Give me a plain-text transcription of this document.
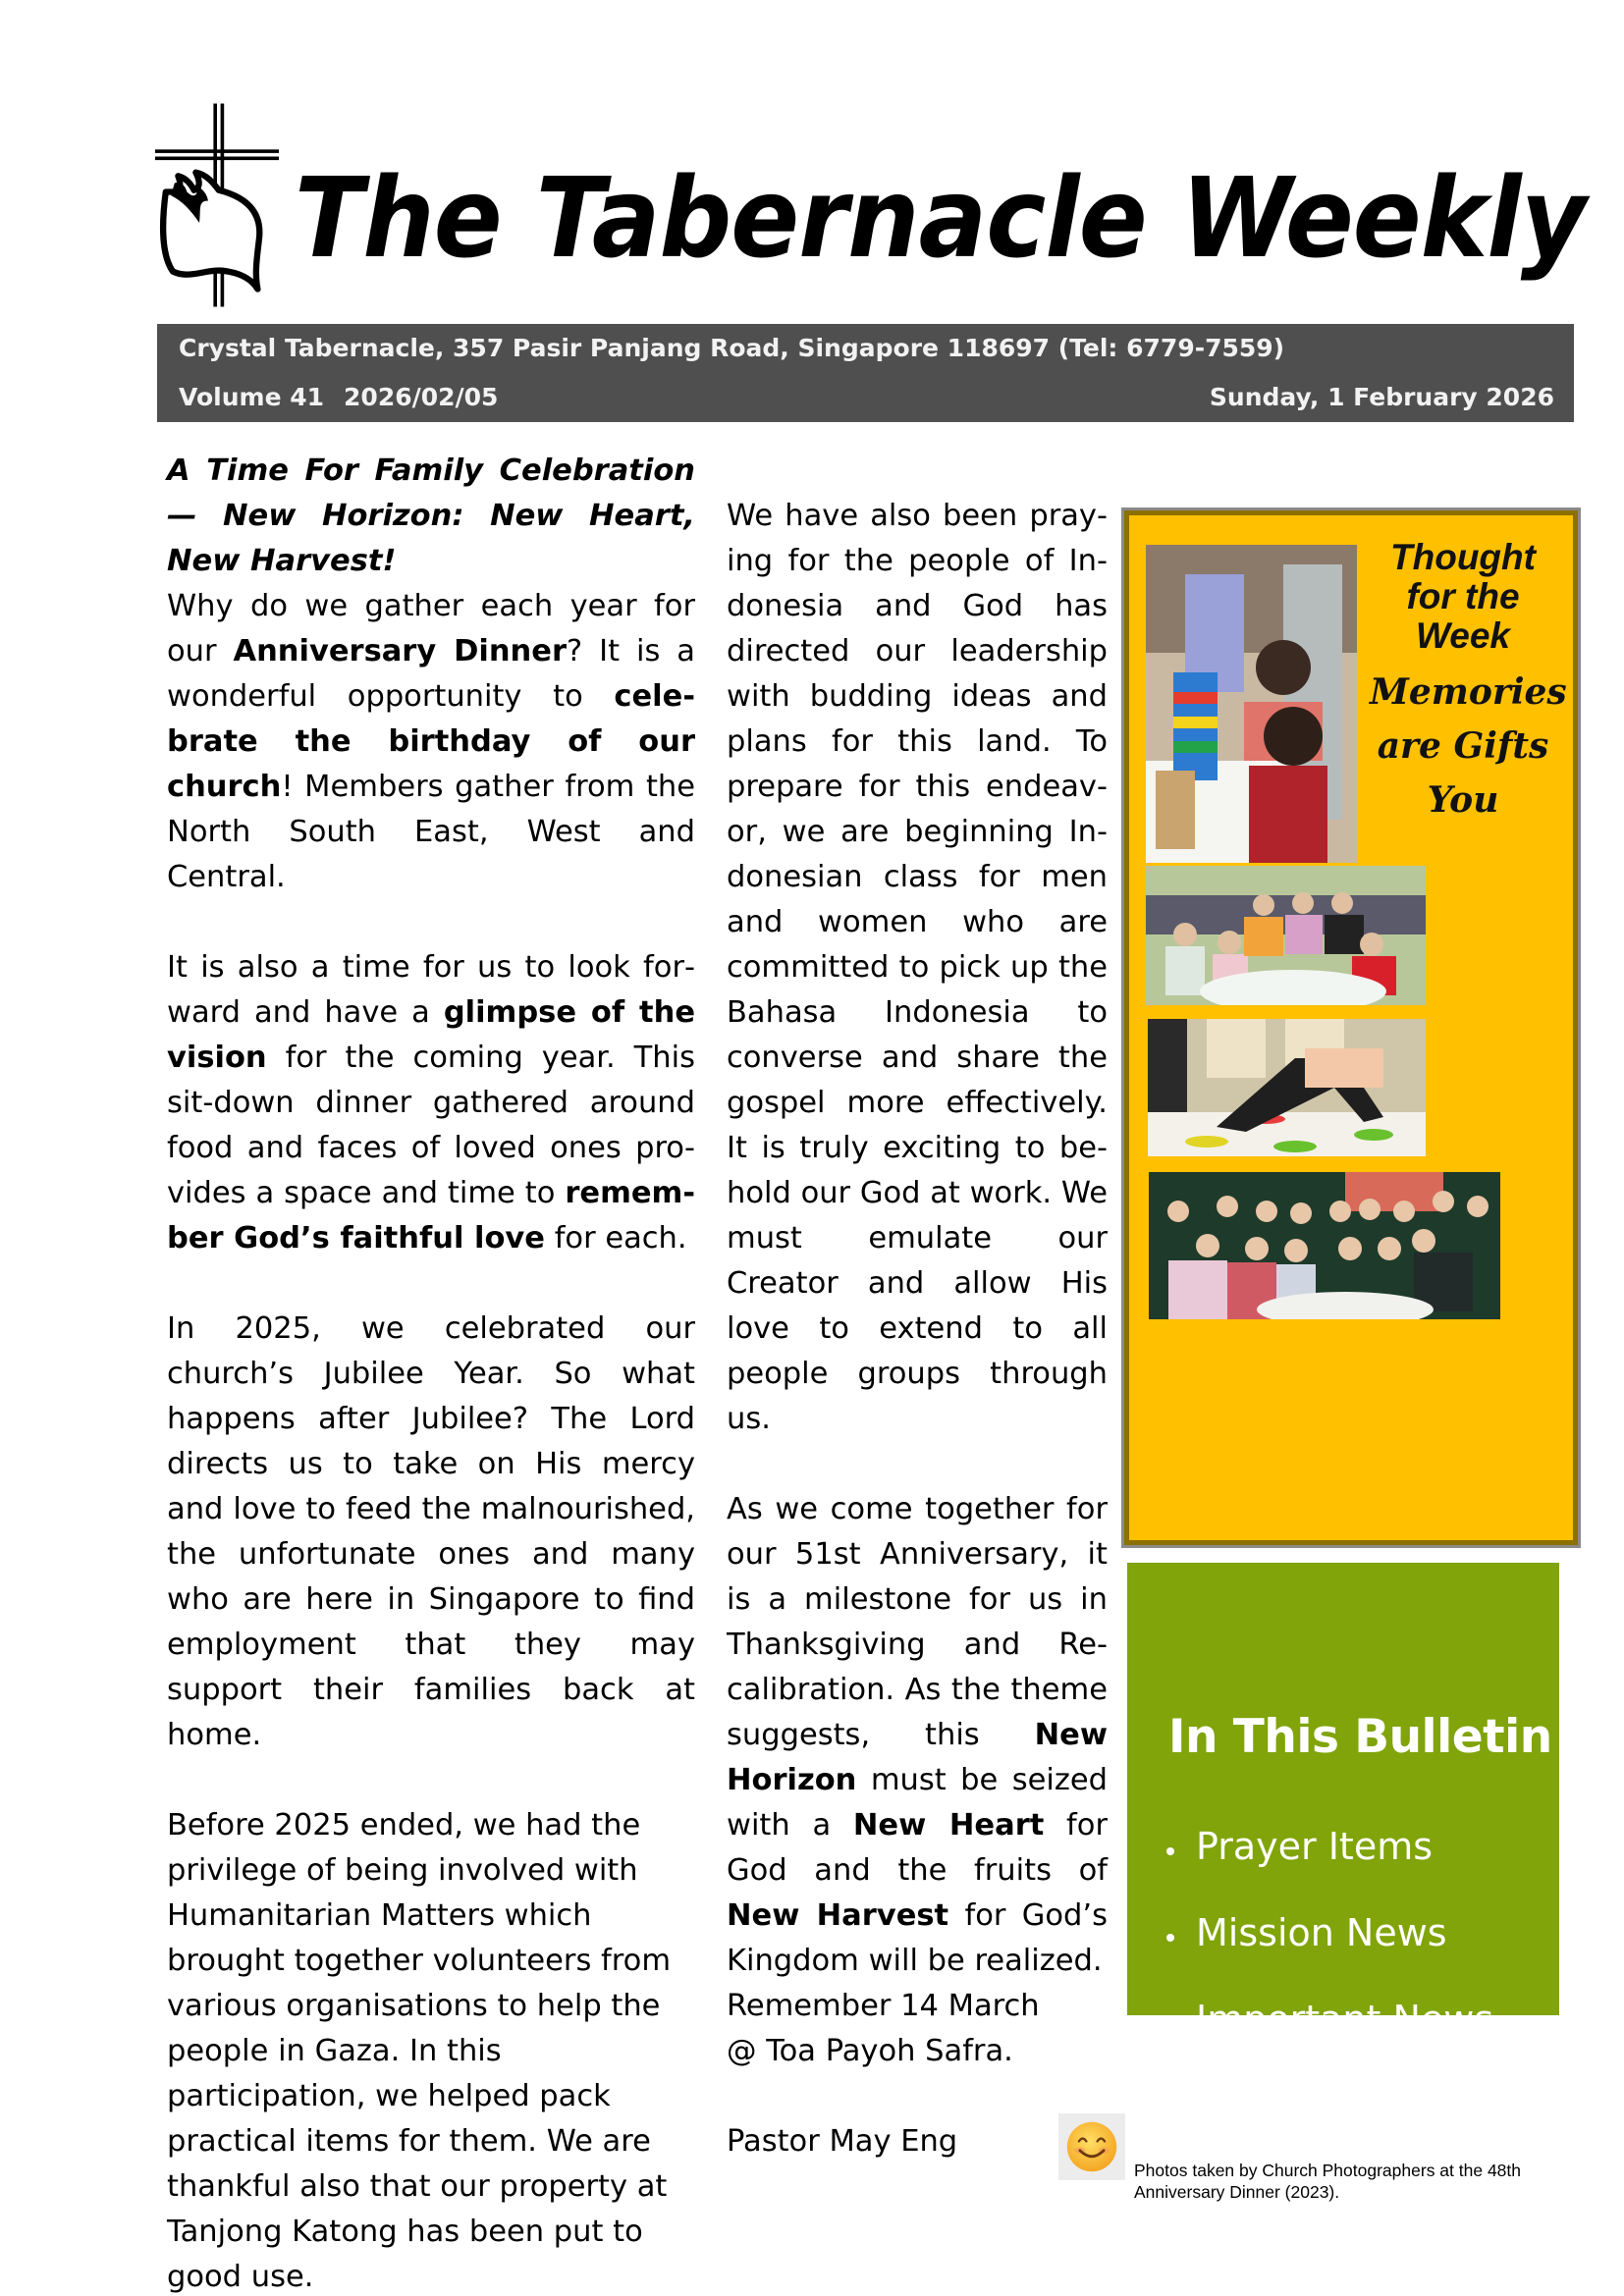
The Tabernacle Weekly
Crystal Tabernacle, 357 Pasir Panjang Road, Singapore 118697 (Tel: 6779-7559)
Volume 41 2026/02/05	Sunday, 1 February 2026

A Time For Family Celebration— New Horizon: New Heart, New Harvest!

Why do we gather each year for our Anniversary Dinner? It is a wonderful opportunity to celebrate the birthday of our church! Members gather from the North South East, West and Central.

It is also a time for us to look forward and have a glimpse of the vision for the coming year. This sit-down dinner gathered around food and faces of loved ones provides a space and time to remember God’s faithful love for each.

In 2025, we celebrated our church’s Jubilee Year. So what happens after Jubilee? The Lord directs us to take on His mercy and love to feed the malnourished, the unfortunate ones and many who are here in Singapore to find employment that they may support their families back at home.

Before 2025 ended, we had the privilege of being involved with Humanitarian Matters which brought together volunteers from various organisations to help the people in Gaza. In this participation, we helped pack practical items for them. We are thankful also that our property at Tanjong Katong has been put to good use.

We have also been praying for the people of Indonesia and God has directed our leadership with budding ideas and plans for this land. To prepare for this endeavor, we are beginning Indonesian class for men and women who are committed to pick up the Bahasa Indonesia to converse and share the gospel more effectively. It is truly exciting to behold our God at work. We must emulate our Creator and allow His love to extend to all people groups through us.

As we come together for our 51st Anniversary, it is a milestone for us in Thanksgiving and Recalibration. As the theme suggests, this New Horizon must be seized with a New Heart for God and the fruits of New Harvest for God’s Kingdom will be realized.

Remember 14 March

@ Toa Payoh Safra.

Pastor May Eng

Thought for the Week
Memories are Gifts You
In This Bulletin
Prayer Items
Mission News
Important News
Photos taken by Church Photographers at the 48th Anniversary Dinner (2023).
